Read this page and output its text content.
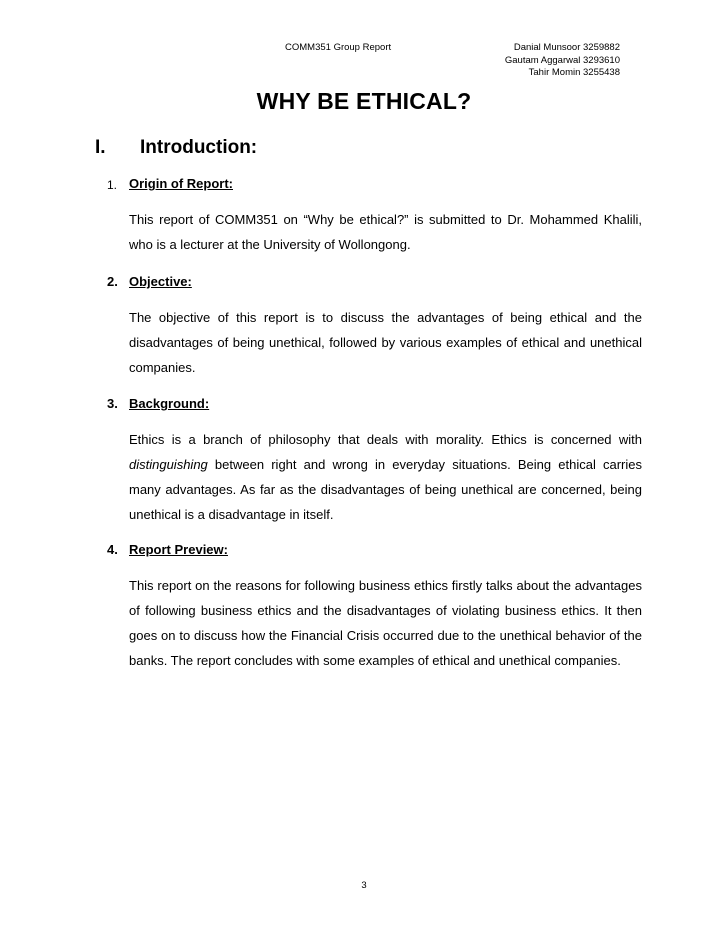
COMM351 Group Report	Danial Munsoor 3259882
Gautam Aggarwal 3293610
Tahir Momin 3255438
WHY BE ETHICAL?
I. Introduction:
1. Origin of Report:
This report of COMM351 on “Why be ethical?” is submitted to Dr. Mohammed Khalili, who is a lecturer at the University of Wollongong.
2. Objective:
The objective of this report is to discuss the advantages of being ethical and the disadvantages of being unethical, followed by various examples of ethical and unethical companies.
3. Background:
Ethics is a branch of philosophy that deals with morality. Ethics is concerned with distinguishing between right and wrong in everyday situations. Being ethical carries many advantages. As far as the disadvantages of being unethical are concerned, being unethical is a disadvantage in itself.
4. Report Preview:
This report on the reasons for following business ethics firstly talks about the advantages of following business ethics and the disadvantages of violating business ethics. It then goes on to discuss how the Financial Crisis occurred due to the unethical behavior of the banks. The report concludes with some examples of ethical and unethical companies.
3
